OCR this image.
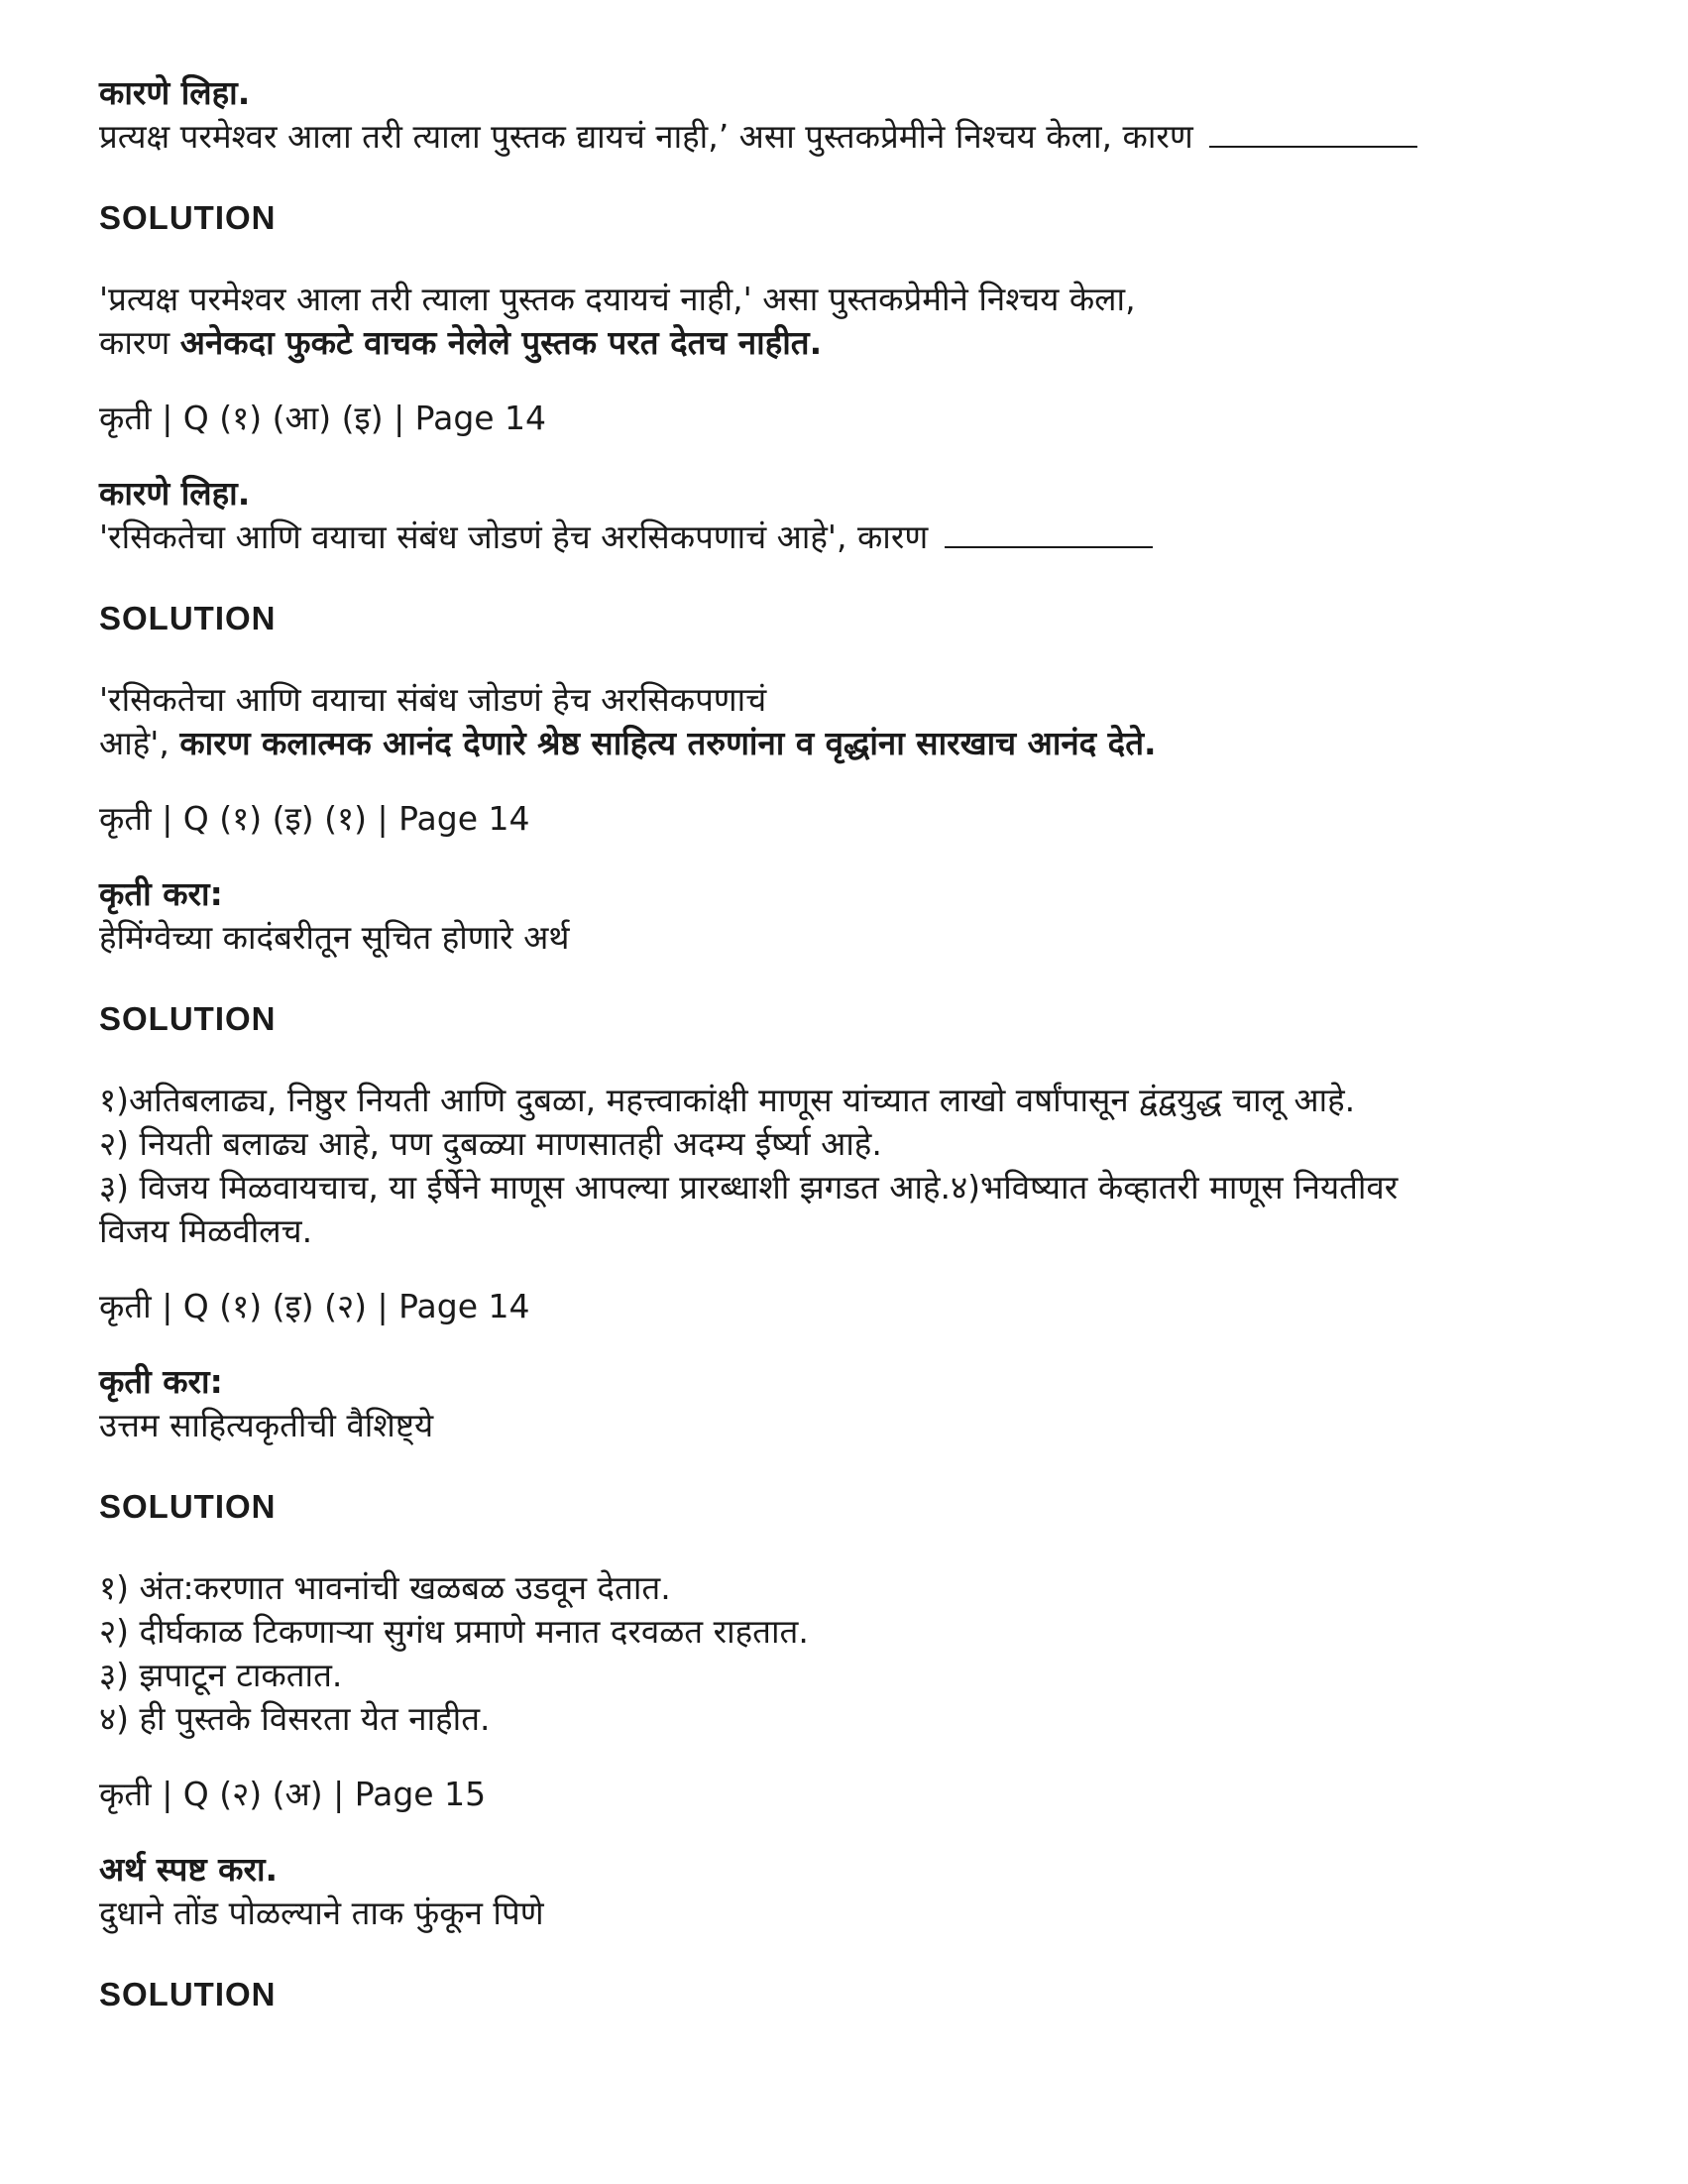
कारणे लिहा.
प्रत्यक्ष परमेश्वर आला तरी त्याला पुस्तक द्यायचं नाही,’ असा पुस्तकप्रेमीने निश्चय केला, कारण
SOLUTION
'प्रत्यक्ष परमेश्वर आला तरी त्याला पुस्तक दयायचं नाही,' असा पुस्तकप्रेमीने निश्चय केला,
कारण अनेकदा फुकटे वाचक नेलेले पुस्तक परत देतच नाहीत.
कृती | Q (१) (आ) (इ) | Page 14
कारणे लिहा.
'रसिकतेचा आणि वयाचा संबंध जोडणं हेच अरसिकपणाचं आहे', कारण
SOLUTION
'रसिकतेचा आणि वयाचा संबंध जोडणं हेच अरसिकपणाचं
आहे', कारण कलात्मक आनंद देणारे श्रेष्ठ साहित्य तरुणांना व वृद्धांना सारखाच आनंद देते.
कृती | Q (१) (इ) (१) | Page 14
कृती करा:
हेमिंग्वेच्या कादंबरीतून सूचित होणारे अर्थ
SOLUTION
१)अतिबलाढ्य, निष्ठुर नियती आणि दुबळा, महत्त्वाकांक्षी माणूस यांच्यात लाखो वर्षांपासून द्वंद्वयुद्ध चालू आहे.
२) नियती बलाढ्य आहे, पण दुबळ्या माणसातही अदम्य ईर्ष्या आहे.
३) विजय मिळवायचाच, या ईर्षेने माणूस आपल्या प्रारब्धाशी झगडत आहे.४)भविष्यात केव्हातरी माणूस नियतीवर
विजय मिळवीलच.
कृती | Q (१) (इ) (२) | Page 14
कृती करा:
उत्तम साहित्यकृतीची वैशिष्ट्ये
SOLUTION
१) अंत:करणात भावनांची खळबळ उडवून देतात.
२) दीर्घकाळ टिकणाऱ्या सुगंध प्रमाणे मनात दरवळत राहतात.
३) झपाटून टाकतात.
४) ही पुस्तके विसरता येत नाहीत.
कृती | Q (२) (अ) | Page 15
अर्थ स्पष्ट करा.
दुधाने तोंड पोळल्याने ताक फुंकून पिणे
SOLUTION
